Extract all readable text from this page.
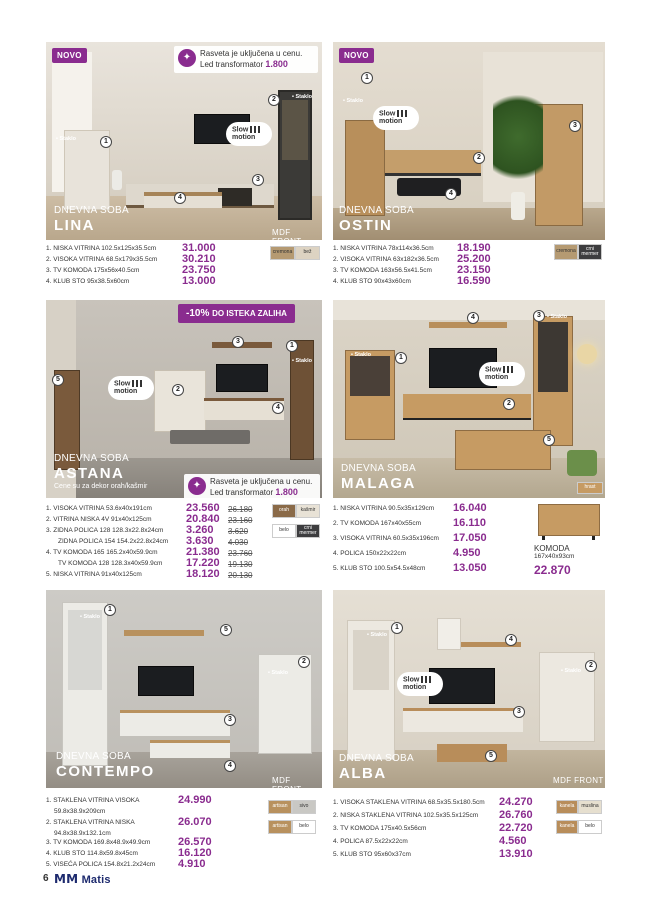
NOVO	✦	Rasveta je uključena u cenu.
Led transformator 1.800
1
2
3
4
• Staklo
• Staklo
Slow
motion
DNEVNA SOBA
LINA	MDF FRONT
1. NISKA VITRINA 102.5x125x35.5cm 31.000
2. VISOKA VITRINA 68.5x179x35.5cm 30.210
3. TV KOMODA 175x56x40.5cm	23.750
4. KLUB STO 95x38.5x60cm	13.000
cremona	bež
NOVO
1
2
3
4
• Staklo
Slow
motion
DNEVNA SOBA
OSTIN
1. NISKA VITRINA 78x114x36.5cm 18.190
2. VISOKA VITRINA 63x182x36.5cm 25.200
3. TV KOMODA 163x56.5x41.5cm 23.150
4. KLUB STO 90x43x60cm	16.590
cremona	crni mermer
-10% DO ISTEKA ZALIHA
1
2
3
4
5
• Staklo
Slow
motion
✦	Rasveta je uključena u cenu.
Led transformator 1.800
DNEVNA SOBA
ASTANA
Cene su za dekor orah/kašmir
1. VISOKA VITRINA 53.6x40x191cm	23.560 26.180
2. VITRINA NISKA 4V 91x40x125cm	20.840 23.160
3. ZIDNA POLICA 128 128.3x22.8x24cm 3.260 3.620
ZIDNA POLICA 154 154.2x22.8x24cm 3.630 4.030
4. TV KOMODA 165 165.2x40x59.9cm	21.380 23.760
TV KOMODA 128 128.3x40x59.9cm 17.220 19.130
5. NISKA VITRINA 91x40x125cm	18.120 20.130
orah	kašmir
belo	crni mermer
1
2
3
4
5
• Staklo
• Staklo
Slow
motion
DNEVNA SOBA
MALAGA	hrast
1. NISKA VITRINA 90.5x35x129cm 16.040
2. TV KOMODA 167x40x55cm	16.110
3. VISOKA VITRINA 60.5x35x196cm 17.050
4. POLICA 150x22x22cm	4.950
5. KLUB STO 100.5x54.5x48cm	13.050
KOMODA
167x40x93cm
22.870
1
2
3
4
5
• Staklo
• Staklo
DNEVNA SOBA
CONTEMPO
MDF FRONT
1. STAKLENA VITRINA VISOKA	24.990
59.8x38.9x209cm
2. STAKLENA VITRINA NISKA	26.070
94.8x38.9x132.1cm
3. TV KOMODA 169.8x48.9x49.9cm	26.570
4. KLUB STO 114.8x59.8x45cm	16.120
5. VISEĆA POLICA 154.8x21.2x24cm 4.910
artisan	sivo
artisan	belo
1
2
3
4
5
• Staklo
• Staklo
Slow
motion
DNEVNA SOBA
ALBA	MDF FRONT
1. VISOKA STAKLENA VITRINA 68.5x35.5x180.5cm 24.270
2. NISKA STAKLENA VITRINA 102.5x35.5x125cm 26.760
3. TV KOMODA 175x40.5x56cm	22.720
4. POLICA 87.5x22x22cm	4.560
5. KLUB STO 95x60x37cm	13.910
kanela	muslina
kanela	belo
6 ⅯⅯ Matis
